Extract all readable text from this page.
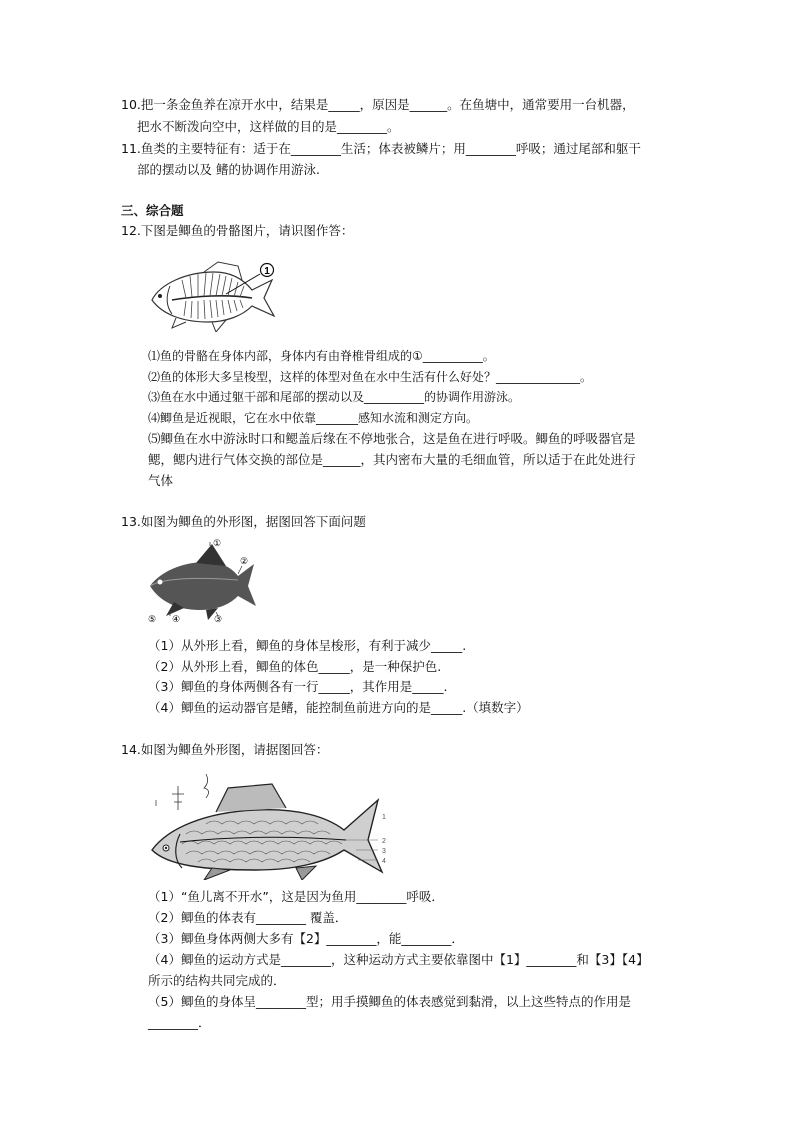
10.把一条金鱼养在凉开水中，结果是_____，原因是______。在鱼塘中，通常要用一台机器，
把水不断泼向空中，这样做的目的是________。
11.鱼类的主要特征有：适于在________生活；体表被鳞片；用________呼吸；通过尾部和躯干
部的摆动以及 鳍的协调作用游泳.
三、综合题
12.下图是鲫鱼的骨骼图片，请识图作答：
1
⑴鱼的骨骼在身体内部，身体内有由脊椎骨组成的①__________。
⑵鱼的体形大多呈梭型，这样的体型对鱼在水中生活有什么好处？______________。
⑶鱼在水中通过躯干部和尾部的摆动以及__________的协调作用游泳。
⑷鲫鱼是近视眼，它在水中依靠_______感知水流和测定方向。
⑸鲫鱼在水中游泳时口和鳃盖后缘在不停地张合，这是鱼在进行呼吸。鲫鱼的呼吸器官是
鳃，鳃内进行气体交换的部位是______，其内密布大量的毛细血管，所以适于在此处进行
气体
13.如图为鲫鱼的外形图，据图回答下面问题
①
②
⑤ ④	③
（1）从外形上看，鲫鱼的身体呈梭形，有利于减少_____.
（2）从外形上看，鲫鱼的体色_____，是一种保护色.
（3）鲫鱼的身体两侧各有一行_____，其作用是_____.
（4）鲫鱼的运动器官是鳍，能控制鱼前进方向的是_____.（填数字）
14.如图为鲫鱼外形图，请据图回答：
1
2
3
4
（1）“鱼儿离不开水”，这是因为鱼用________呼吸．
（2）鲫鱼的体表有________ 覆盖．
（3）鲫鱼身体两侧大多有【2】________，能________．
（4）鲫鱼的运动方式是________，这种运动方式主要依靠图中【1】________和【3】【4】
所示的结构共同完成的．
（5）鲫鱼的身体呈________型；用手摸鲫鱼的体表感觉到黏滑，以上这些特点的作用是
________．
